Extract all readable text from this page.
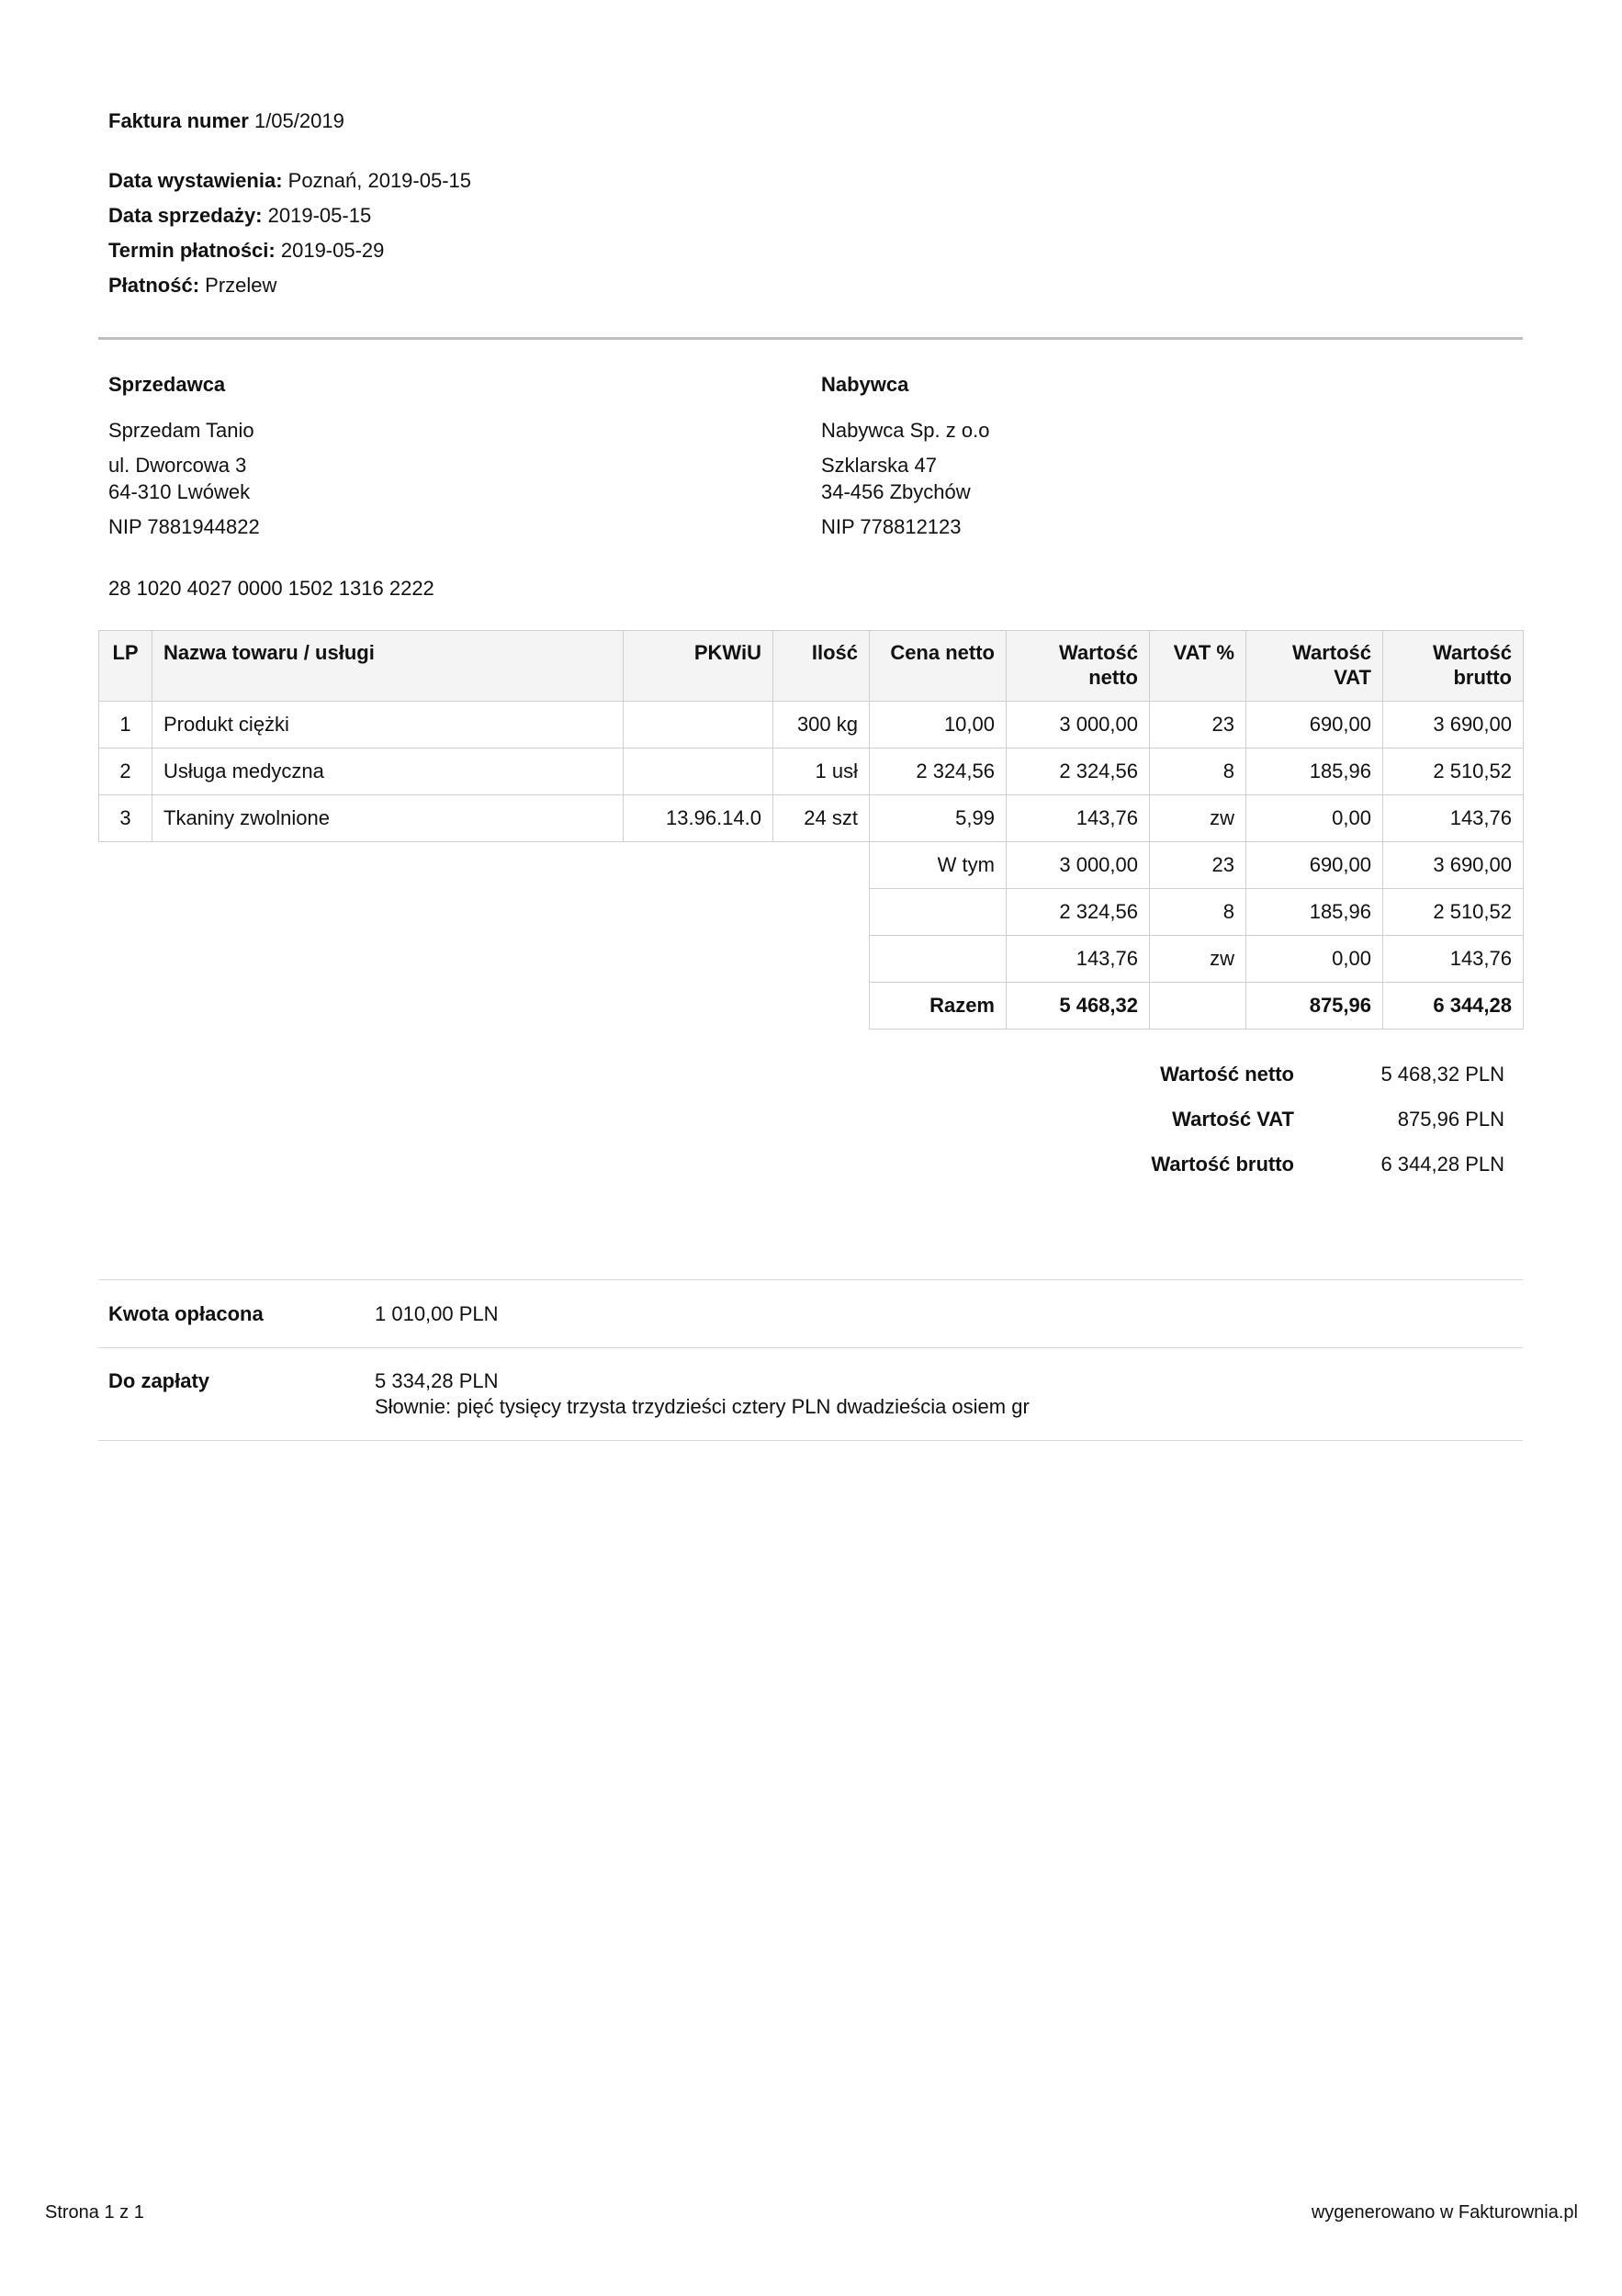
Faktura numer 1/05/2019
Data wystawienia: Poznań, 2019-05-15
Data sprzedaży: 2019-05-15
Termin płatności: 2019-05-29
Płatność: Przelew
Sprzedawca
Sprzedam Tanio
ul. Dworcowa 3
64-310 Lwówek
NIP 7881944822
Nabywca
Nabywca Sp. z o.o
Szklarska 47
34-456 Zbychów
NIP 778812123
28 1020 4027 0000 1502 1316 2222
LP	Nazwa towaru / usługi	PKWiU	Ilość	Cena netto	Wartość netto	VAT %	Wartość VAT	Wartość brutto
1	Produkt ciężki		300 kg	10,00	3 000,00	23	690,00	3 690,00
2	Usługa medyczna		1 usł	2 324,56	2 324,56	8	185,96	2 510,52
3	Tkaniny zwolnione	13.96.14.0	24 szt	5,99	143,76	zw	0,00	143,76
				W tym	3 000,00	23	690,00	3 690,00
					2 324,56	8	185,96	2 510,52
					143,76	zw	0,00	143,76
				Razem	5 468,32		875,96	6 344,28
Wartość netto	5 468,32 PLN
Wartość VAT	875,96 PLN
Wartość brutto	6 344,28 PLN
Kwota opłacona	1 010,00 PLN
Do zapłaty	5 334,28 PLN
Słownie: pięć tysięcy trzysta trzydzieści cztery PLN dwadzieścia osiem gr
Strona 1 z 1	wygenerowano w Fakturownia.pl
